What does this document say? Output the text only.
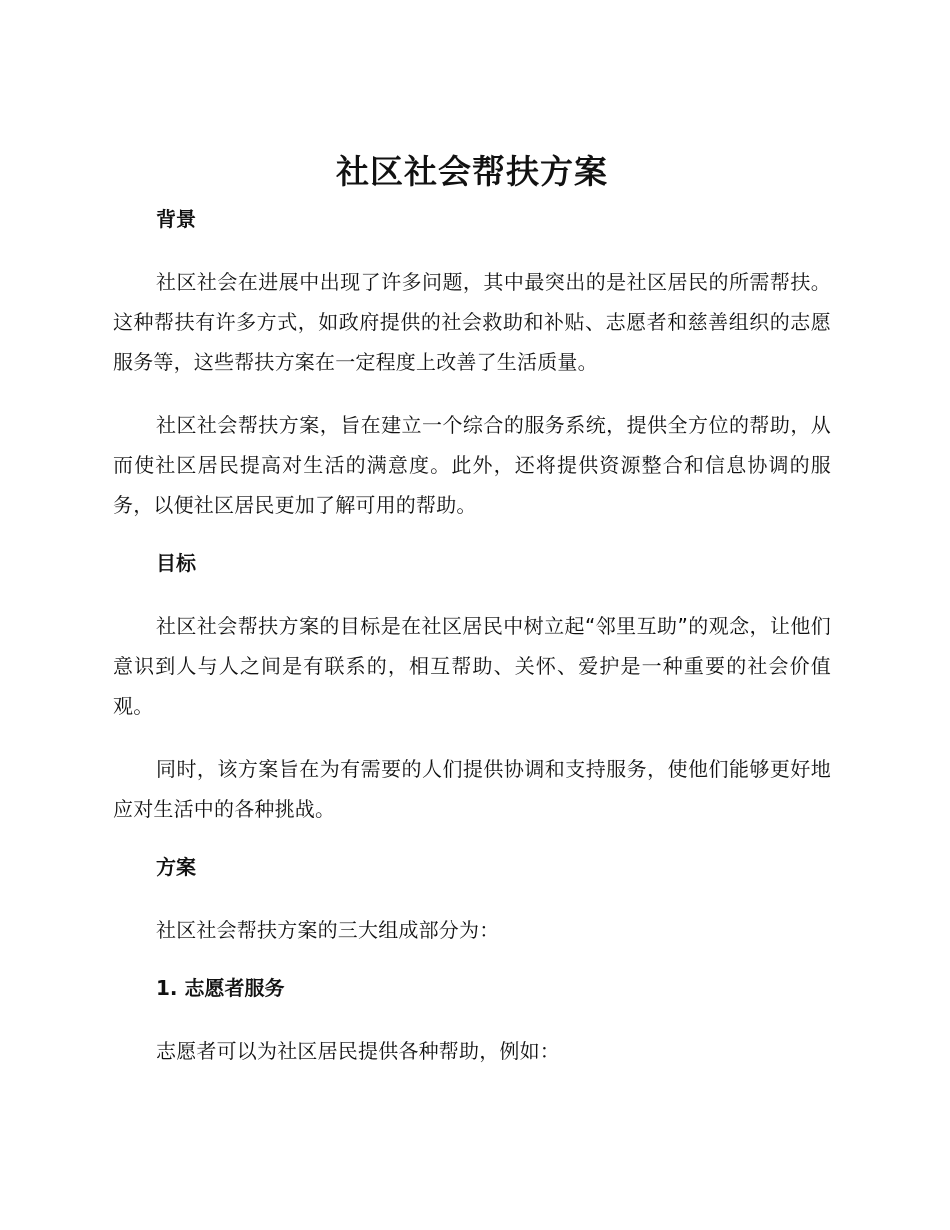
社区社会帮扶方案
背景

社区社会在进展中出现了许多问题，其中最突出的是社区居民的所需帮扶。这种帮扶有许多方式，如政府提供的社会救助和补贴、志愿者和慈善组织的志愿服务等，这些帮扶方案在一定程度上改善了生活质量。

社区社会帮扶方案，旨在建立一个综合的服务系统，提供全方位的帮助，从而使社区居民提高对生活的满意度。此外，还将提供资源整合和信息协调的服务，以便社区居民更加了解可用的帮助。

目标

社区社会帮扶方案的目标是在社区居民中树立起“邻里互助”的观念，让他们意识到人与人之间是有联系的，相互帮助、关怀、爱护是一种重要的社会价值观。

同时，该方案旨在为有需要的人们提供协调和支持服务，使他们能够更好地应对生活中的各种挑战。

方案

社区社会帮扶方案的三大组成部分为：

1. 志愿者服务

志愿者可以为社区居民提供各种帮助，例如：
